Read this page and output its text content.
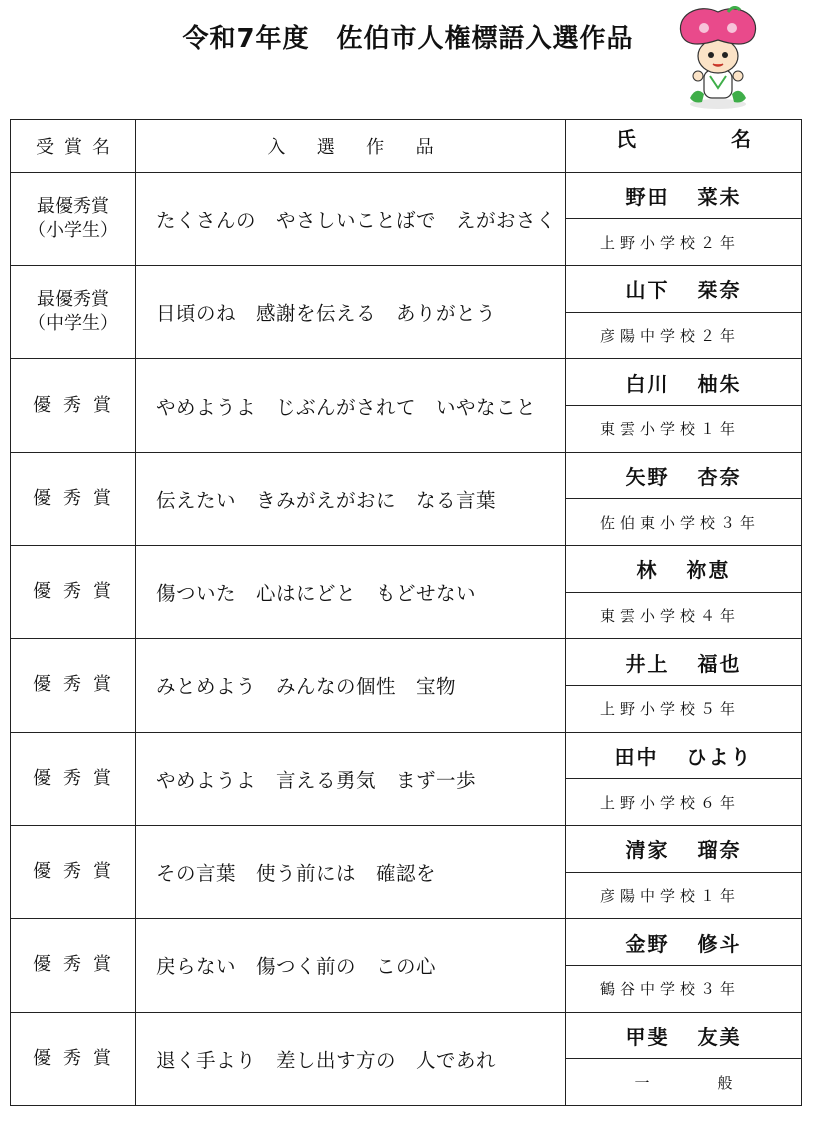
令和7年度　佐伯市人権標語入選作品
受 賞 名	入 選 作 品	氏 名

最優秀賞
（小学生）	たくさんの　やさしいことばで　えがおさく	野田 菜未

		上野小学校２年

最優秀賞
（中学生）	日頃のね　感謝を伝える　ありがとう	山下 栞奈

		彦陽中学校２年

優秀賞	やめようよ　じぶんがされて　いやなこと	白川 柚朱

		東雲小学校１年

優秀賞	伝えたい　きみがえがおに　なる言葉	矢野 杏奈

		佐伯東小学校３年

優秀賞	傷ついた　心はにどと　もどせない	林 祢恵

		東雲小学校４年

優秀賞	みとめよう　みんなの個性　宝物	井上 福也

		上野小学校５年

優秀賞	やめようよ　言える勇気　まず一歩	田中 ひより

		上野小学校６年

優秀賞	その言葉　使う前には　確認を	清家 瑠奈

		彦陽中学校１年

優秀賞	戻らない　傷つく前の　この心	金野 修斗

		鶴谷中学校３年

優秀賞	退く手より　差し出す方の　人であれ	甲斐 友美

		一 般
